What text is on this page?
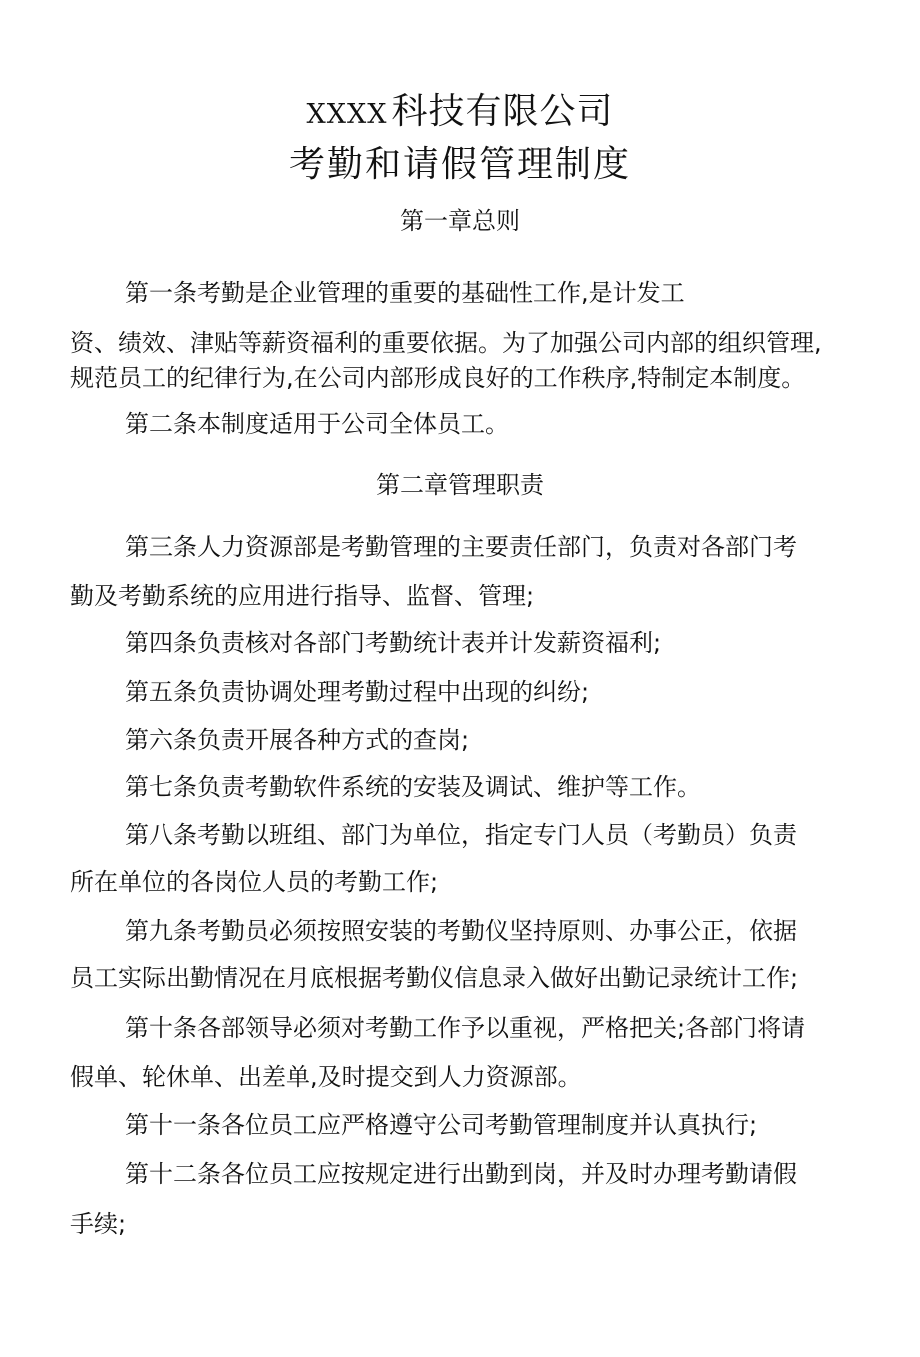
XXXX 科技有限公司
考勤和请假管理制度
第一章总则

第一条考勤是企业管理的重要的基础性工作,是计发工

资、绩效、津贴等薪资福利的重要依据。为了加强公司内部的组织管理,

规范员工的纪律行为,在公司内部形成良好的工作秩序,特制定本制度。

第二条本制度适用于公司全体员工。

第二章管理职责

第三条人力资源部是考勤管理的主要责任部门，负责对各部门考

勤及考勤系统的应用进行指导、监督、管理;

第四条负责核对各部门考勤统计表并计发薪资福利;

第五条负责协调处理考勤过程中出现的纠纷;

第六条负责开展各种方式的查岗;

第七条负责考勤软件系统的安装及调试、维护等工作。

第八条考勤以班组、部门为单位，指定专门人员（考勤员）负责

所在单位的各岗位人员的考勤工作;

第九条考勤员必须按照安装的考勤仪坚持原则、办事公正，依据

员工实际出勤情况在月底根据考勤仪信息录入做好出勤记录统计工作;

第十条各部领导必须对考勤工作予以重视，严格把关;各部门将请

假单、轮休单、出差单,及时提交到人力资源部。

第十一条各位员工应严格遵守公司考勤管理制度并认真执行;

第十二条各位员工应按规定进行出勤到岗，并及时办理考勤请假

手续;
